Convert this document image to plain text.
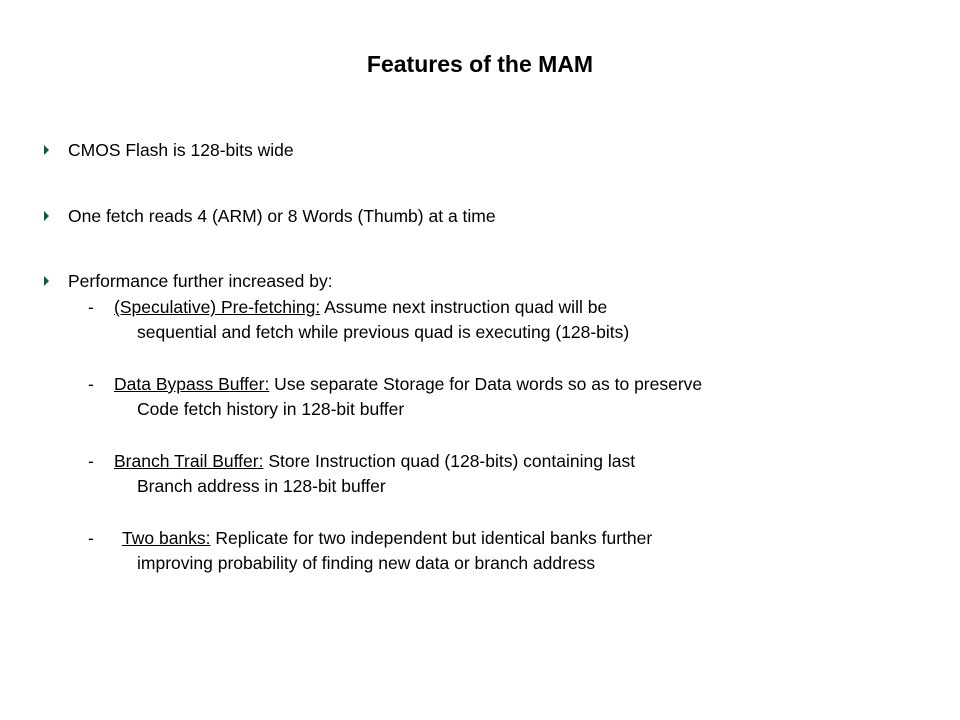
Features of the MAM
CMOS Flash is 128-bits wide
One fetch reads 4 (ARM) or 8 Words (Thumb) at a time
Performance further increased by:
- (Speculative) Pre-fetching: Assume next instruction quad will be
sequential and fetch while previous quad is executing (128-bits)
- Data Bypass Buffer: Use separate Storage for Data words so as to preserve
Code fetch history in 128-bit buffer
- Branch Trail Buffer: Store Instruction quad (128-bits) containing last
Branch address in 128-bit buffer
- Two banks: Replicate for two independent but identical banks further
improving probability of finding new data or branch address
